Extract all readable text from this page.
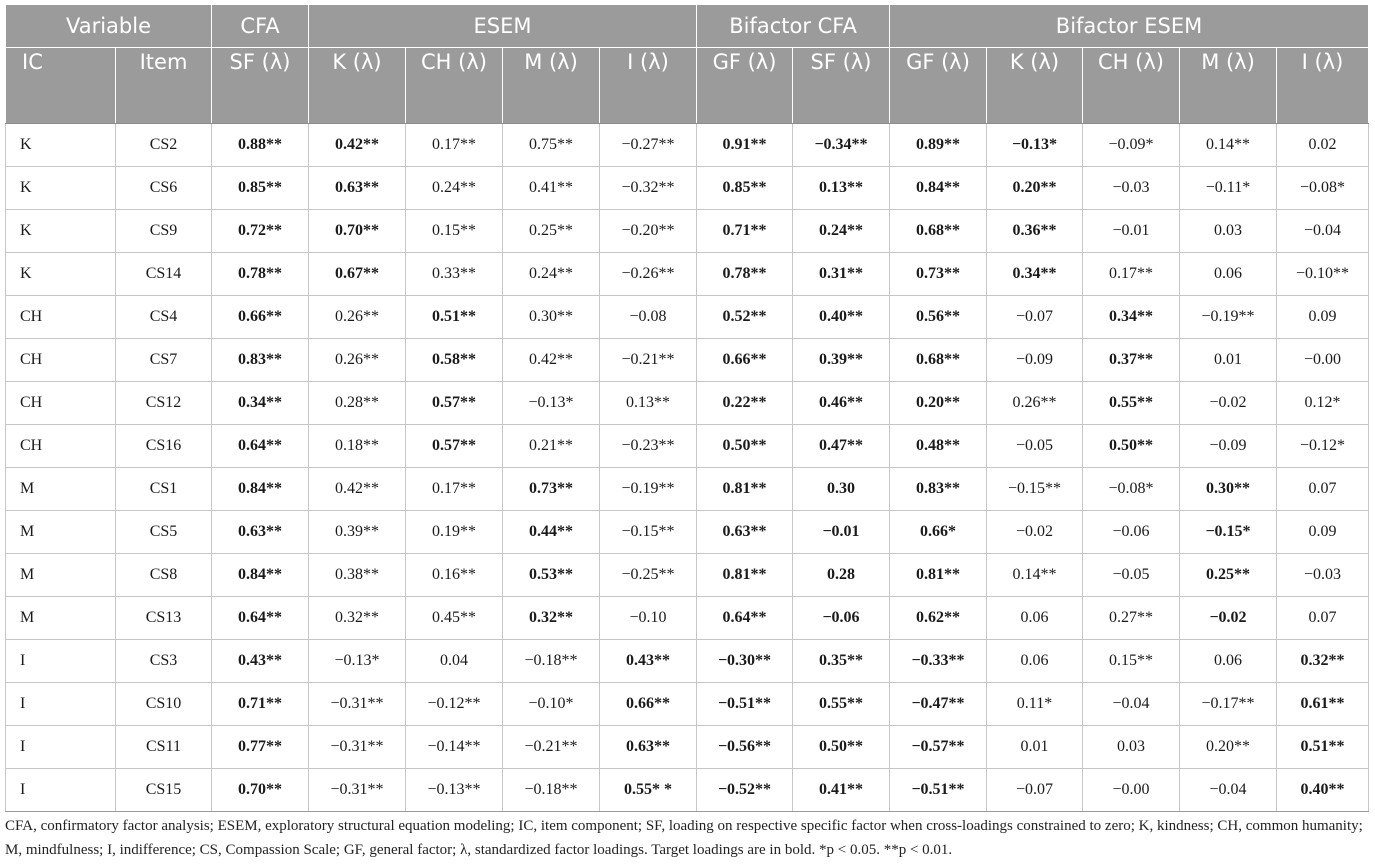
Variable		CFA	ESEM				Bifactor CFA		Bifactor ESEM				
IC	Item	SF (λ)	K (λ)	CH (λ)	M (λ)	I (λ)	GF (λ)	SF (λ)	GF (λ)	K (λ)	CH (λ)	M (λ)	I (λ)
K	CS2	0.88**	0.42**	0.17**	0.75**	−0.27**	0.91**	−0.34**	0.89**	−0.13*	−0.09*	0.14**	0.02
K	CS6	0.85**	0.63**	0.24**	0.41**	−0.32**	0.85**	0.13**	0.84**	0.20**	−0.03	−0.11*	−0.08*
K	CS9	0.72**	0.70**	0.15**	0.25**	−0.20**	0.71**	0.24**	0.68**	0.36**	−0.01	0.03	−0.04
K	CS14	0.78**	0.67**	0.33**	0.24**	−0.26**	0.78**	0.31**	0.73**	0.34**	0.17**	0.06	−0.10**
CH	CS4	0.66**	0.26**	0.51**	0.30**	−0.08	0.52**	0.40**	0.56**	−0.07	0.34**	−0.19**	0.09
CH	CS7	0.83**	0.26**	0.58**	0.42**	−0.21**	0.66**	0.39**	0.68**	−0.09	0.37**	0.01	−0.00
CH	CS12	0.34**	0.28**	0.57**	−0.13*	0.13**	0.22**	0.46**	0.20**	0.26**	0.55**	−0.02	0.12*
CH	CS16	0.64**	0.18**	0.57**	0.21**	−0.23**	0.50**	0.47**	0.48**	−0.05	0.50**	−0.09	−0.12*
M	CS1	0.84**	0.42**	0.17**	0.73**	−0.19**	0.81**	0.30	0.83**	−0.15**	−0.08*	0.30**	0.07
M	CS5	0.63**	0.39**	0.19**	0.44**	−0.15**	0.63**	−0.01	0.66*	−0.02	−0.06	−0.15*	0.09
M	CS8	0.84**	0.38**	0.16**	0.53**	−0.25**	0.81**	0.28	0.81**	0.14**	−0.05	0.25**	−0.03
M	CS13	0.64**	0.32**	0.45**	0.32**	−0.10	0.64**	−0.06	0.62**	0.06	0.27**	−0.02	0.07
I	CS3	0.43**	−0.13*	0.04	−0.18**	0.43**	−0.30**	0.35**	−0.33**	0.06	0.15**	0.06	0.32**
I	CS10	0.71**	−0.31**	−0.12**	−0.10*	0.66**	−0.51**	0.55**	−0.47**	0.11*	−0.04	−0.17**	0.61**
I	CS11	0.77**	−0.31**	−0.14**	−0.21**	0.63**	−0.56**	0.50**	−0.57**	0.01	0.03	0.20**	0.51**
I	CS15	0.70**	−0.31**	−0.13**	−0.18**	0.55* *	−0.52**	0.41**	−0.51**	−0.07	−0.00	−0.04	0.40**
CFA, confirmatory factor analysis; ESEM, exploratory structural equation modeling; IC, item component; SF, loading on respective specific factor when cross-loadings constrained to zero; K, kindness; CH, common humanity; M, mindfulness; I, indifference; CS, Compassion Scale; GF, general factor; λ, standardized factor loadings. Target loadings are in bold. *p < 0.05. **p < 0.01.
